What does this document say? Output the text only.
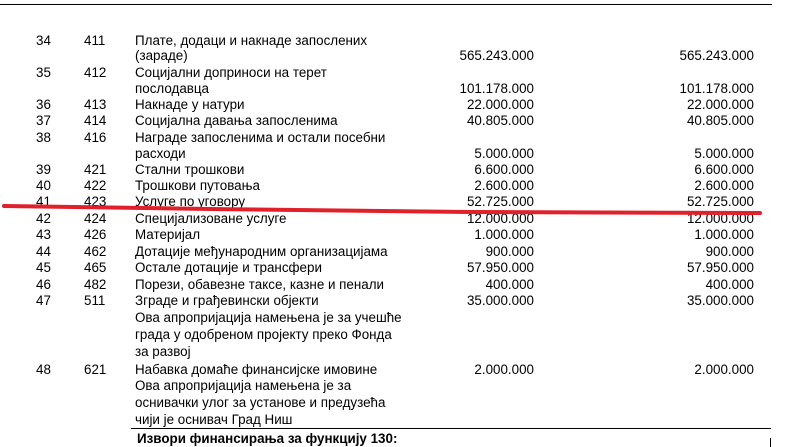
34 411 Плате, додаци и накнаде запослених
(зараде)	565.243.000	565.243.000
35 412 Социјални доприноси на терет
послодавца	101.178.000	101.178.000
36 413 Накнаде у натури	22.000.000	22.000.000
37 414 Социјална давања запосленима	40.805.000	40.805.000
38 416 Награде запосленима и остали посебни
расходи	5.000.000	5.000.000
39 421 Стални трошкови	6.600.000	6.600.000
40 422 Трошкови путовања	2.600.000	2.600.000
41 423 Услуге по уговору	52.725.000	52.725.000
42 424 Специјализоване услуге	12.000.000	12.000.000
43 426 Материјал	1.000.000	1.000.000
44 462 Дотације међународним организацијама	900.000	900.000
45 465 Остале дотације и трансфери	57.950.000	57.950.000
46 482 Порези, обавезне таксе, казне и пенали	400.000	400.000
47 511 Зграде и грађевински објекти
Ова апропријација намењена је за учешће
града у одобреном пројекту преко Фонда
за развој
35.000.000	35.000.000
48 621 Набавка домаће финансијске имовине
Ова апропријација намењена је за
оснивачки улог за установе и предузећа
чији је оснивач Град Ниш
2.000.000	2.000.000
Извори финансирања за функцију 130:
